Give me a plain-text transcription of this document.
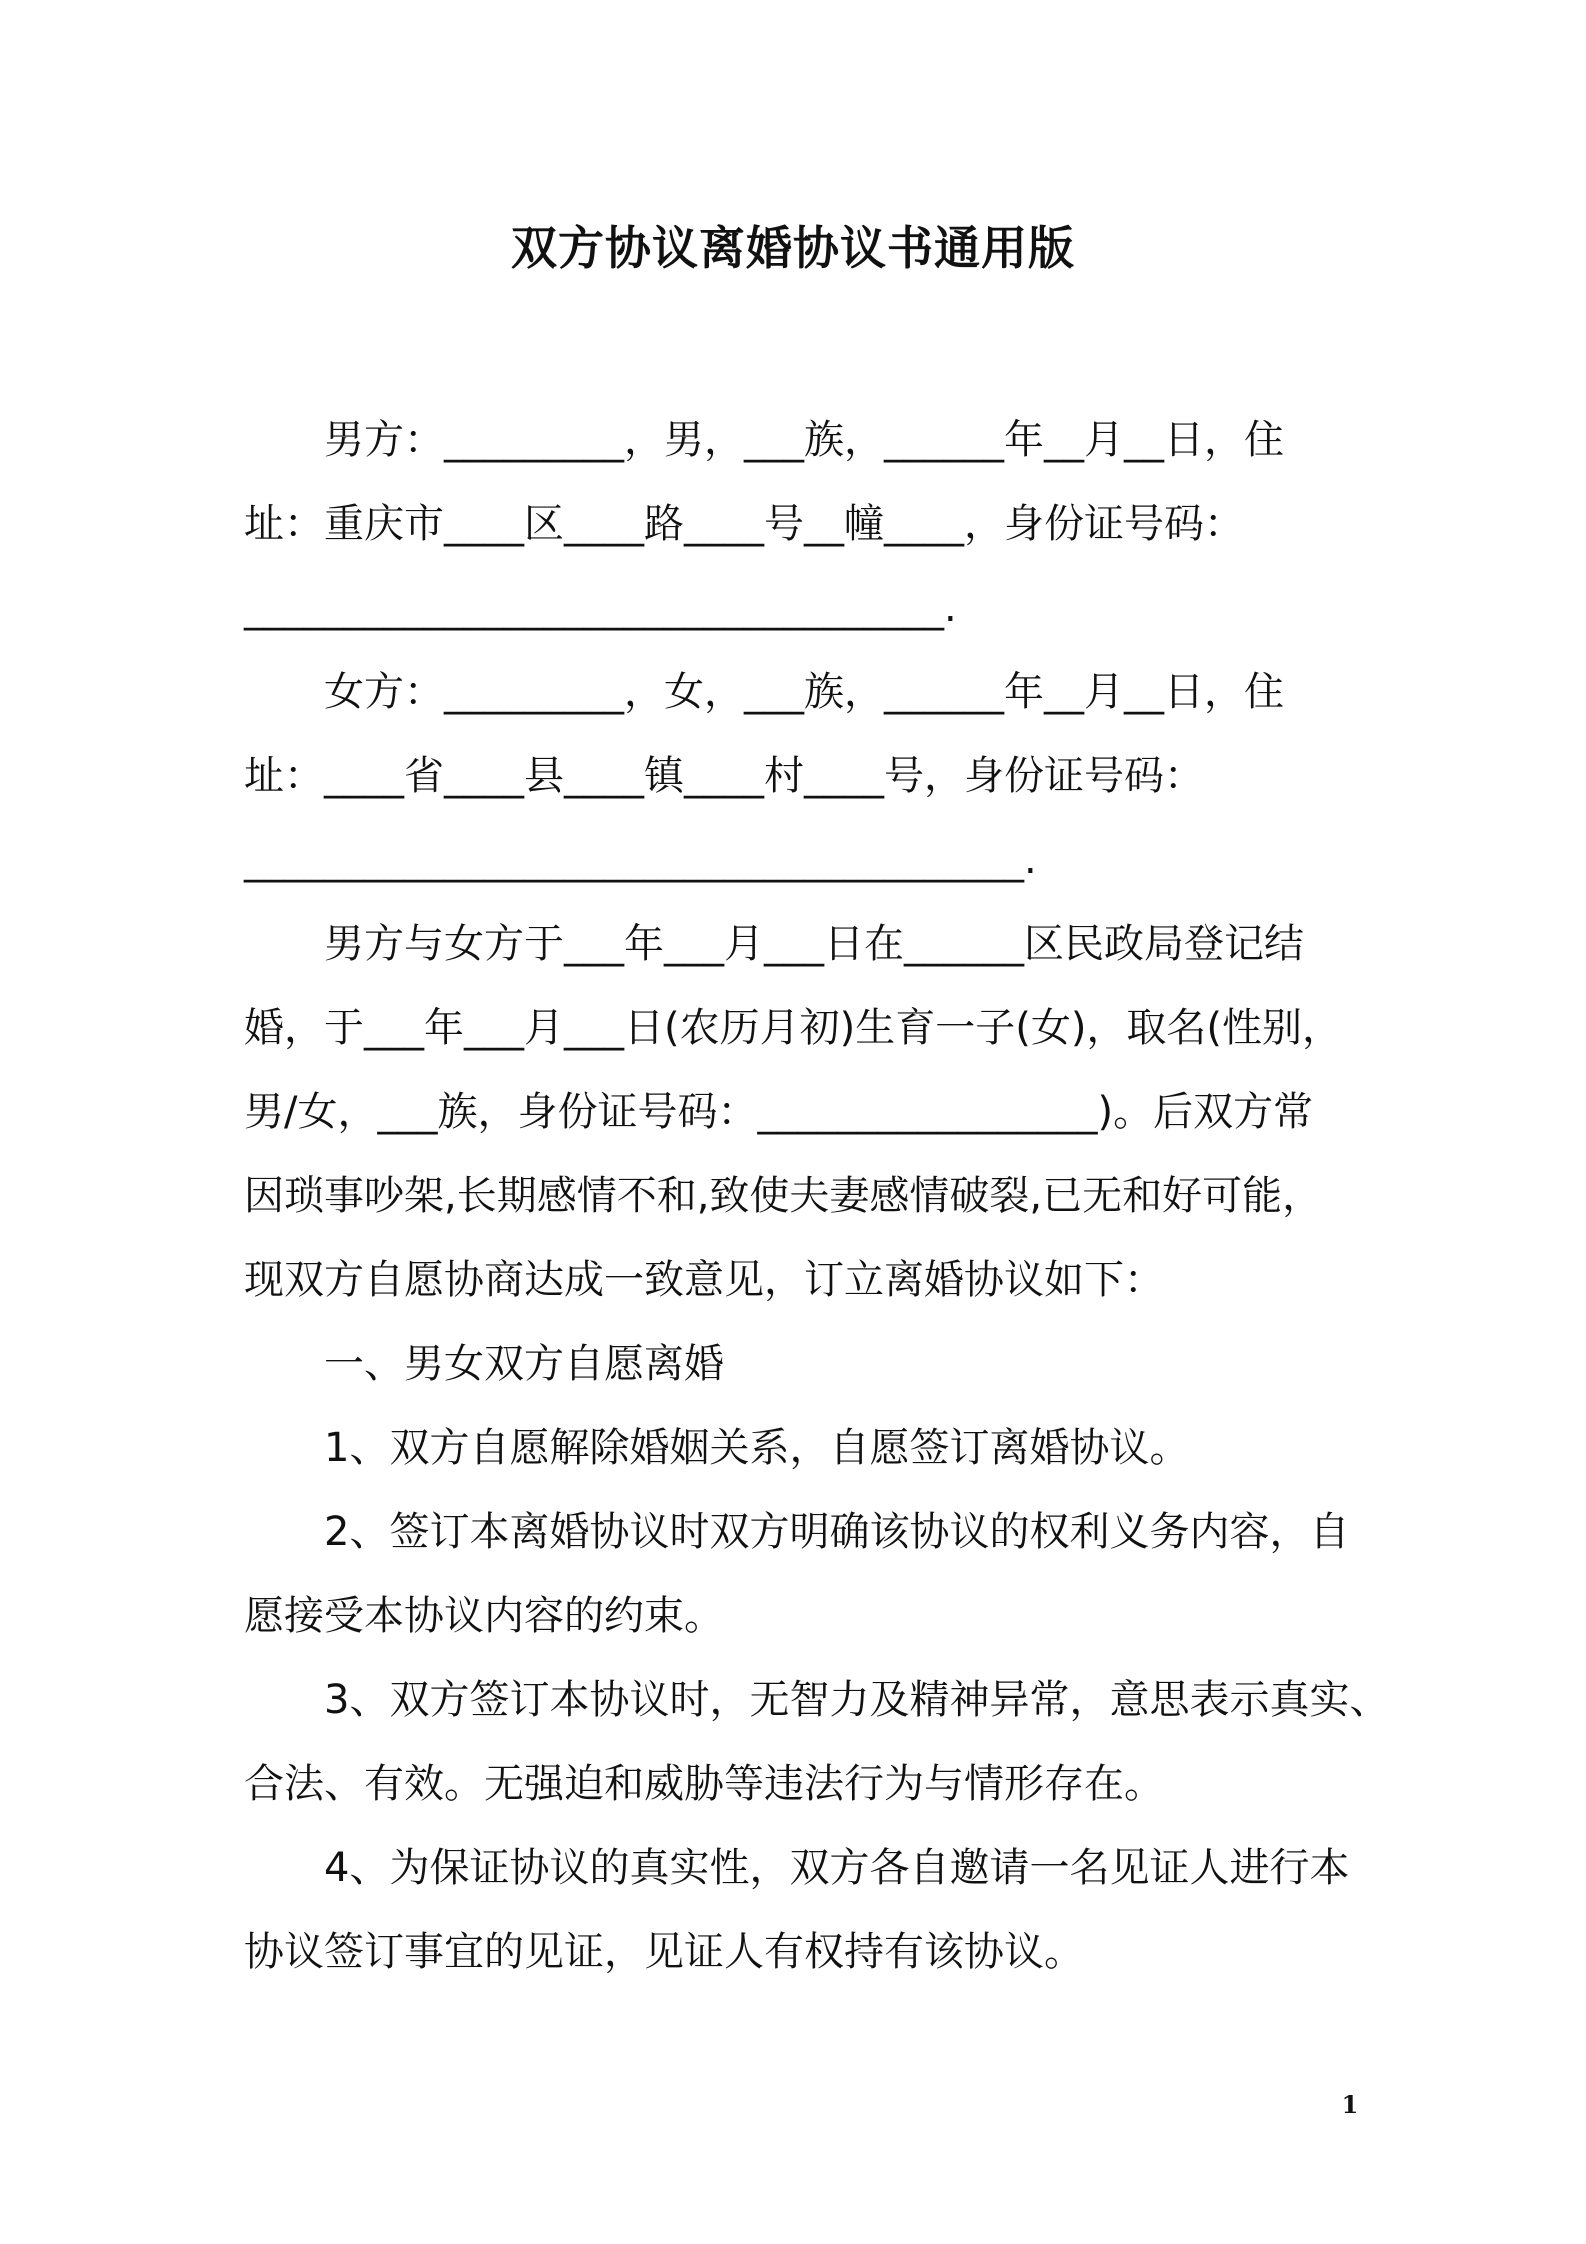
双方协议离婚协议书通用版
男方：_________，男，___族，______年__月__日，住
址：重庆市____区____路____号__幢____，身份证号码：
___________________________________.
女方：_________，女，___族，______年__月__日，住
址：____省____县____镇____村____号，身份证号码：
_______________________________________.
男方与女方于___年___月___日在______区民政局登记结
婚，于___年___月___日(农历月初)生育一子(女)，取名(性别，
男/女，___族，身份证号码：_________________)。后双方常
因琐事吵架,长期感情不和,致使夫妻感情破裂,已无和好可能，
现双方自愿协商达成一致意见，订立离婚协议如下：
一、男女双方自愿离婚
1、双方自愿解除婚姻关系，自愿签订离婚协议。
2、签订本离婚协议时双方明确该协议的权利义务内容，自
愿接受本协议内容的约束。
3、双方签订本协议时，无智力及精神异常，意思表示真实、
合法、有效。无强迫和威胁等违法行为与情形存在。
4、为保证协议的真实性，双方各自邀请一名见证人进行本
协议签订事宜的见证，见证人有权持有该协议。
1
